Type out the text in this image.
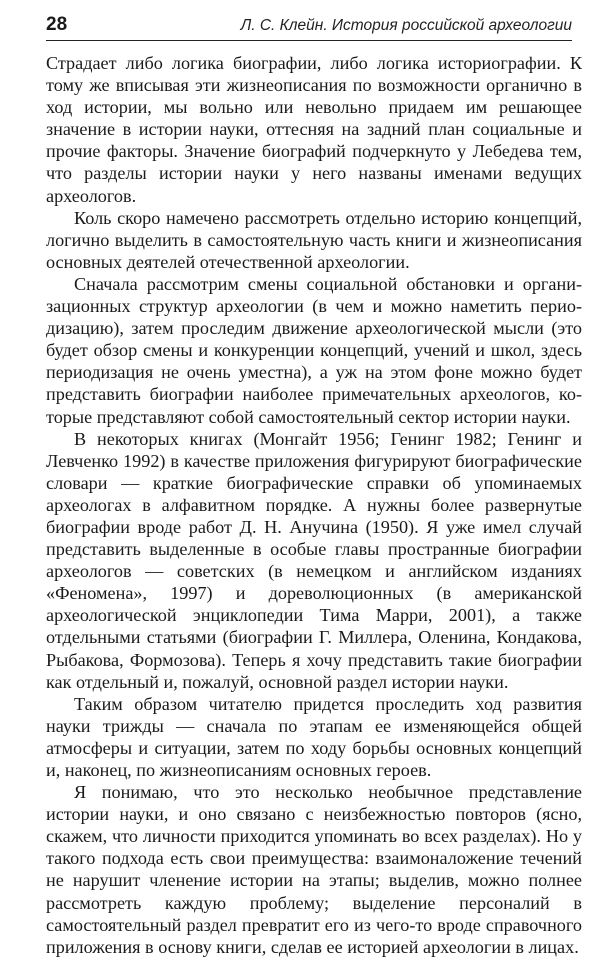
28	Л. С. Клейн. История российской археологии

Страдает либо логика биографии, либо логика историографии. К тому же вписывая эти жизнеописания по возможности органично в ход истории, мы вольно или невольно придаем им решающее значение в истории науки, оттесняя на задний план социальные и прочие факторы. Значение биографий подчеркнуто у Лебедева тем, что разделы истории науки у него названы именами ведущих археологов.

Коль скоро намечено рассмотреть отдельно историю концепций, логично выделить в самостоятельную часть книги и жизнеописания основных деятелей отечественной археологии.

Сначала рассмотрим смены социальной обстановки и организационных структур археологии (в чем и можно наметить периодизацию), затем проследим движение археологической мысли (это будет обзор смены и конкуренции концепций, учений и школ, здесь периодизация не очень уместна), а уж на этом фоне можно будет представить биографии наиболее примечательных археологов, которые представляют собой самостоятельный сектор истории науки.

В некоторых книгах (Монгайт 1956; Генинг 1982; Генинг и Левченко 1992) в качестве приложения фигурируют биографические словари — краткие биографические справки об упоминаемых археологах в алфавитном порядке. А нужны более развернутые биографии вроде работ Д. Н. Анучина (1950). Я уже имел случай представить выделенные в особые главы пространные биографии археологов — советских (в немецком и английском изданиях «Феномена», 1997) и дореволюционных (в американской археологической энциклопедии Тима Марри, 2001), а также отдельными статьями (биографии Г. Миллера, Оленина, Кондакова, Рыбакова, Формозова). Теперь я хочу представить такие биографии как отдельный и, пожалуй, основной раздел истории науки.

Таким образом читателю придется проследить ход развития науки трижды — сначала по этапам ее изменяющейся общей атмосферы и ситуации, затем по ходу борьбы основных концепций и, наконец, по жизнеописаниям основных героев.

Я понимаю, что это несколько необычное представление истории науки, и оно связано с неизбежностью повторов (ясно, скажем, что личности приходится упоминать во всех разделах). Но у такого подхода есть свои преимущества: взаимоналожение течений не нарушит членение истории на этапы; выделив, можно полнее рассмотреть каждую проблему; выделение персоналий в самостоятельный раздел превратит его из чего-то вроде справочного приложения в основу книги, сделав ее историей археологии в лицах.
